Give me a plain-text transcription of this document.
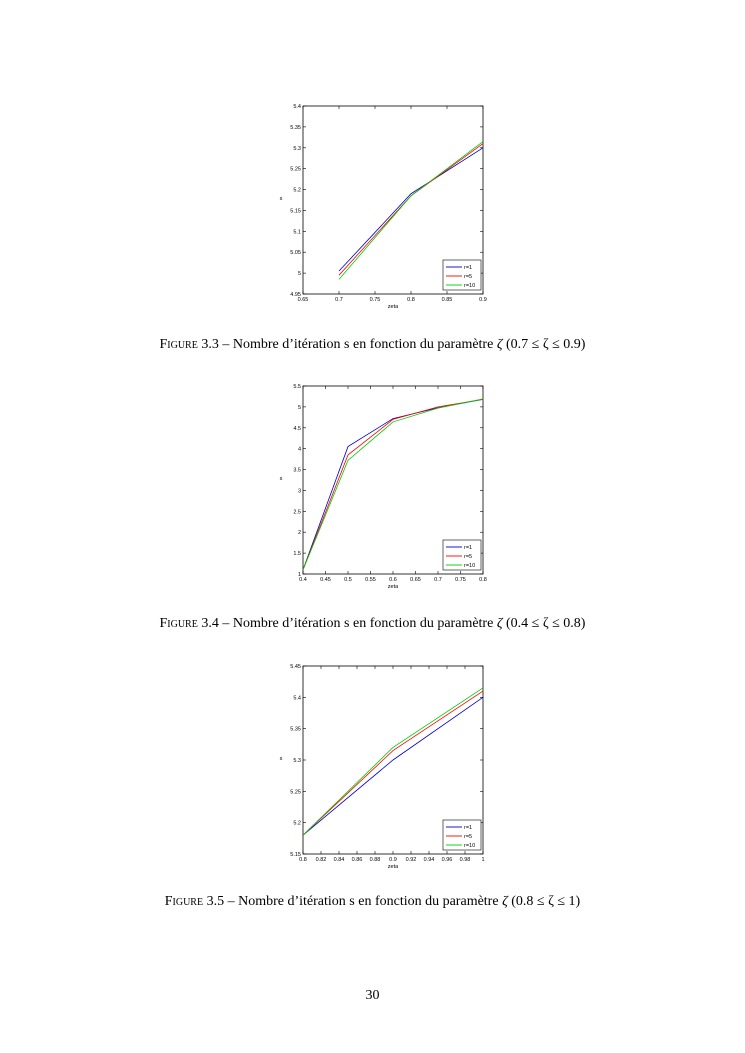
0.65	0.7	0.75	0.8	0.85	0.9
4.95
5
5.05
5.1
5.15
5.2
5.25
5.3
5.35
5.4
zeta
s
r=1
r=5
r=10
Figure 3.3 – Nombre d’itération s en fonction du paramètre ζ (0.7 ≤ ζ ≤ 0.9)
0.4 0.45 0.5 0.55 0.6 0.65 0.7 0.75 0.8
1
1.5
2
2.5
3
3.5
4
4.5
5
5.5
zeta
s
r=1
r=5
r=10
Figure 3.4 – Nombre d’itération s en fonction du paramètre ζ (0.4 ≤ ζ ≤ 0.8)
0.8 0.82 0.84 0.86 0.88 0.9 0.92 0.94 0.96 0.98 1
5.15
5.2
5.25
5.3
5.35
5.4
5.45
zeta
s
r=1
r=5
r=10
Figure 3.5 – Nombre d’itération s en fonction du paramètre ζ (0.8 ≤ ζ ≤ 1)
30
